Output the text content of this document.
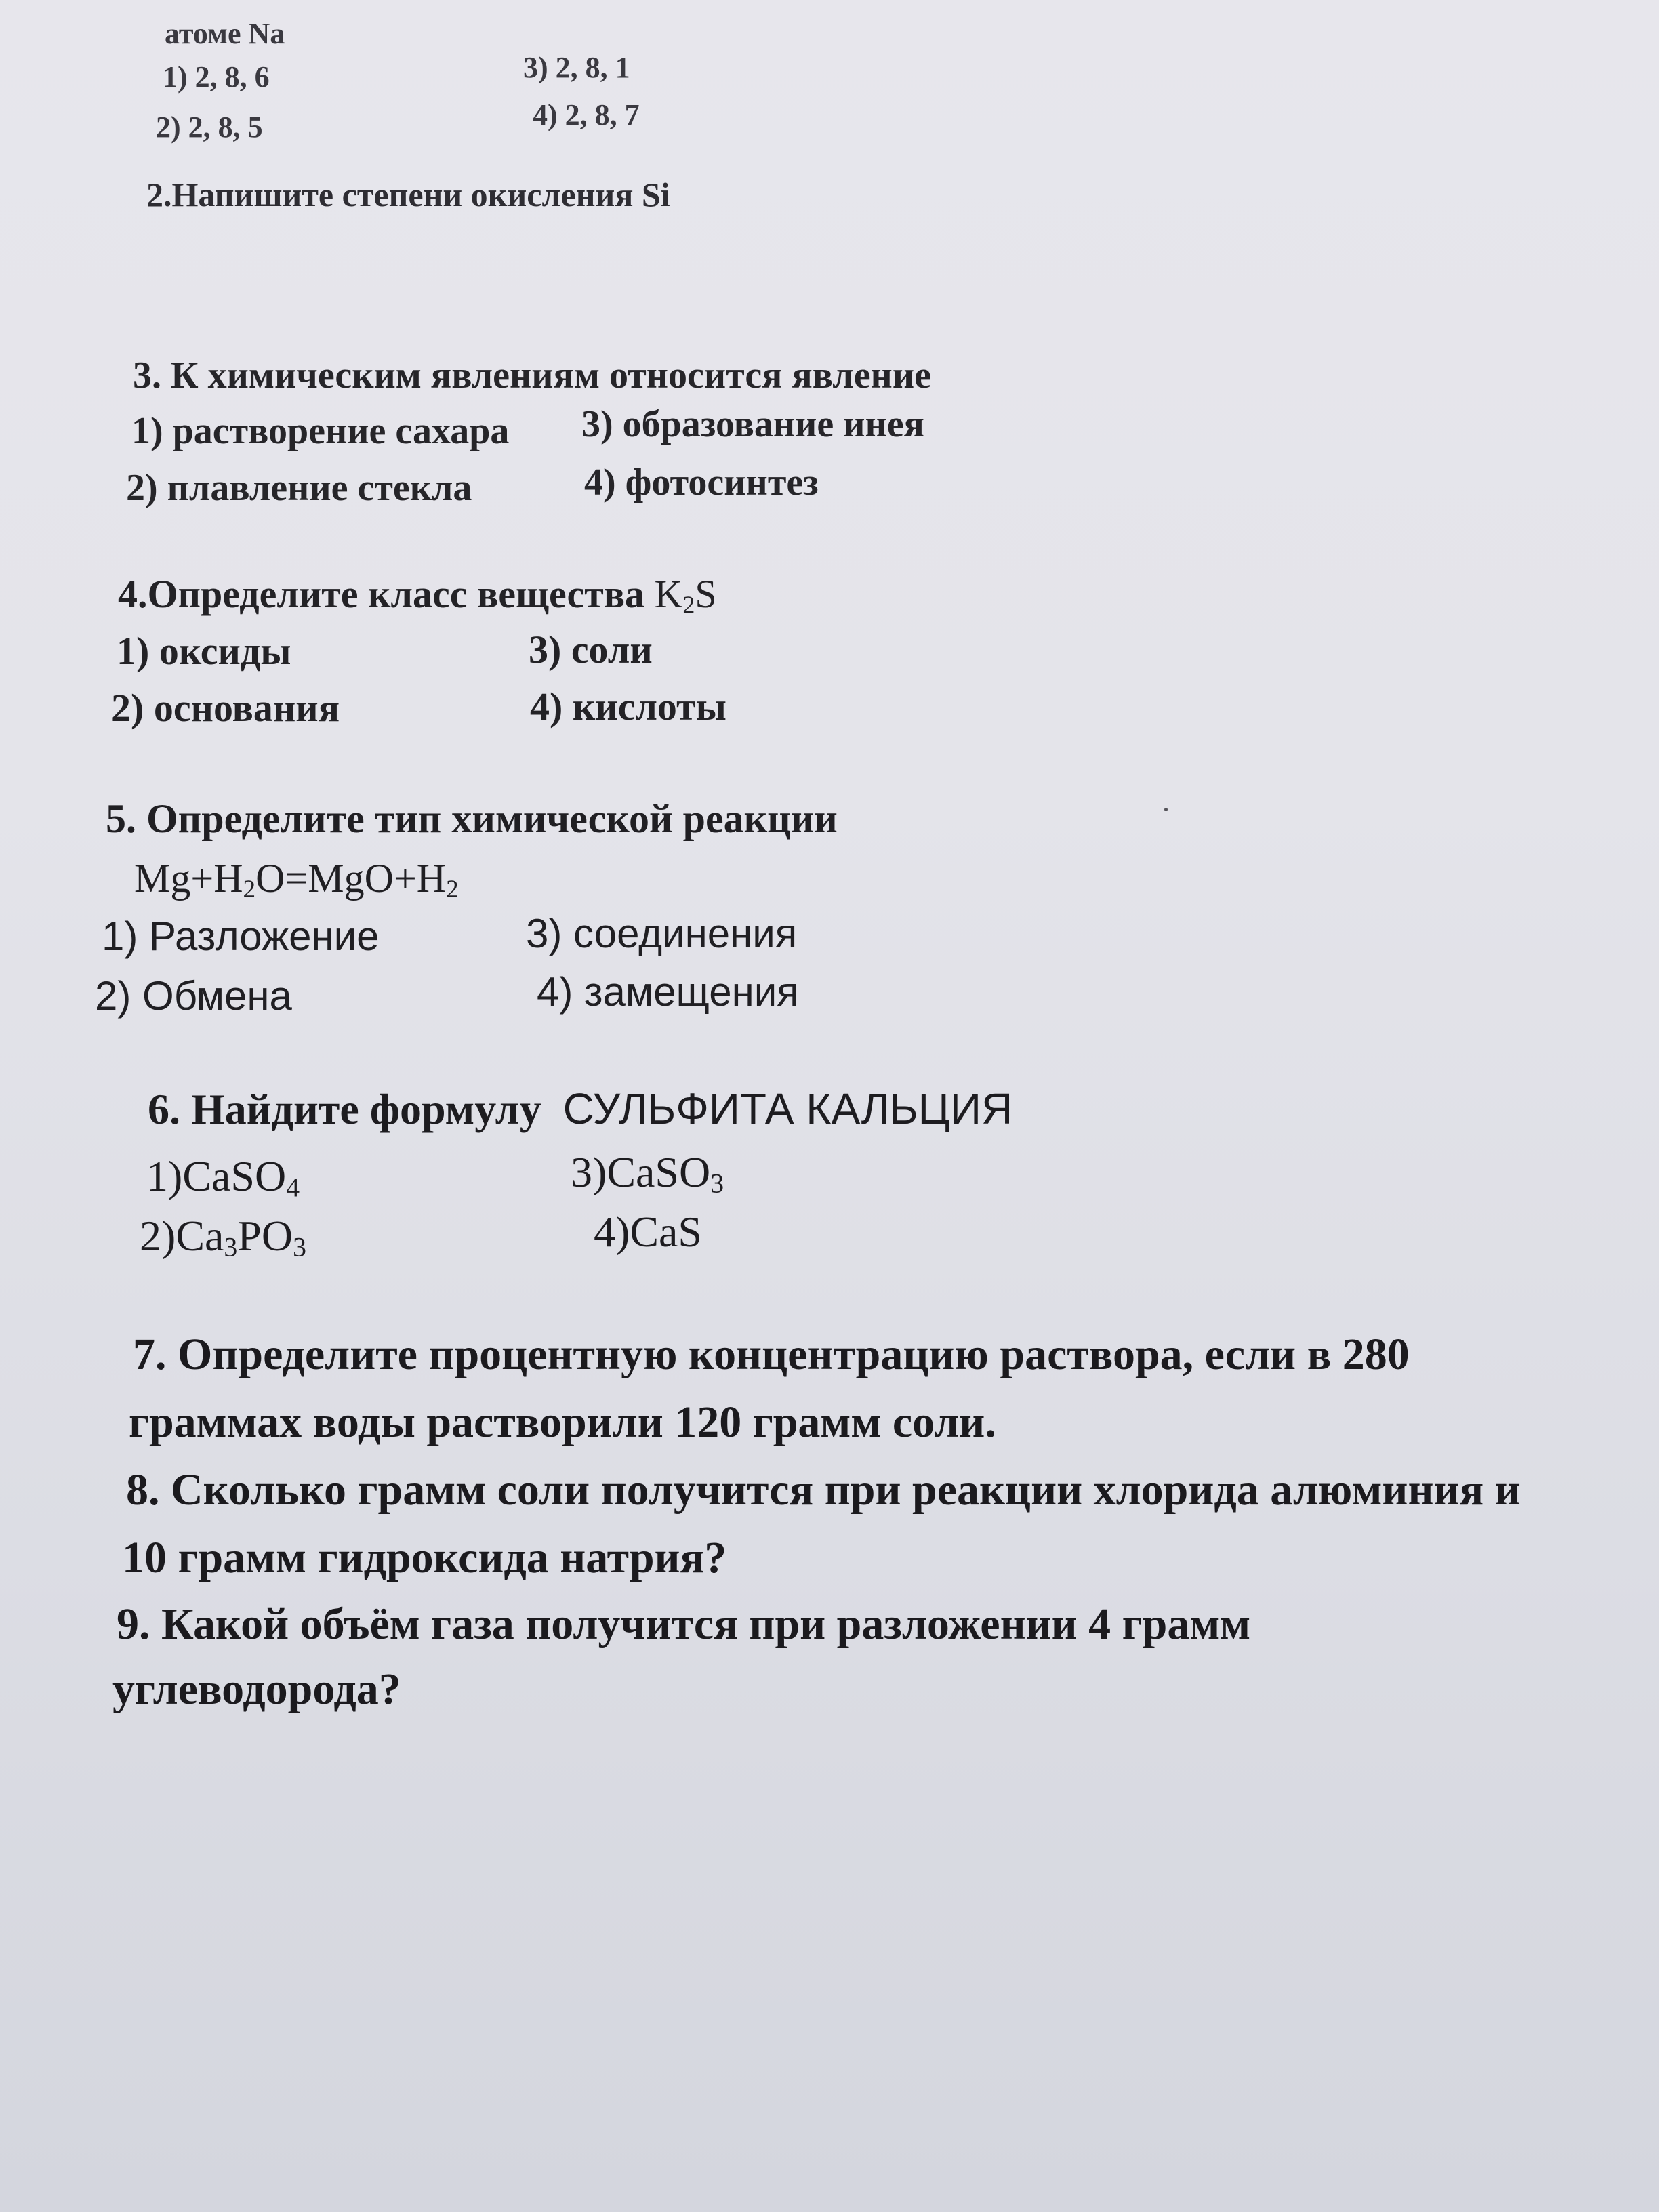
атоме Na
1) 2, 8, 6
2) 2, 8, 5
3) 2, 8, 1
4) 2, 8, 7
2.Напишите степени окисления Si
3. К химическим явлениям относится явление
1) растворение сахара
2) плавление стекла
3) образование инея
4) фотосинтез
4.Определите класс вещества $K_2S$
1) оксиды
2) основания
3) соли
4) кислоты
5. Определите тип химической реакции
$Mg+H_2O=MgO+H_2$
1) Разложение
2) Обмена
3) соединения
4) замещения
6. Найдите формулу СУЛЬФИТА КАЛЬЦИЯ
1)CaSO$_4$
$2)Ca_3PO_3$
3)CaSO$_3$
4)CaS
7. Определите процентную концентрацию раствора, если в 280
граммах воды растворили 120 грамм соли.
8. Сколько грамм соли получится при реакции хлорида алюминия и
10 грамм гидроксида натрия?
9. Какой объём газа получится при разложении 4 грамм
углеводорода?
